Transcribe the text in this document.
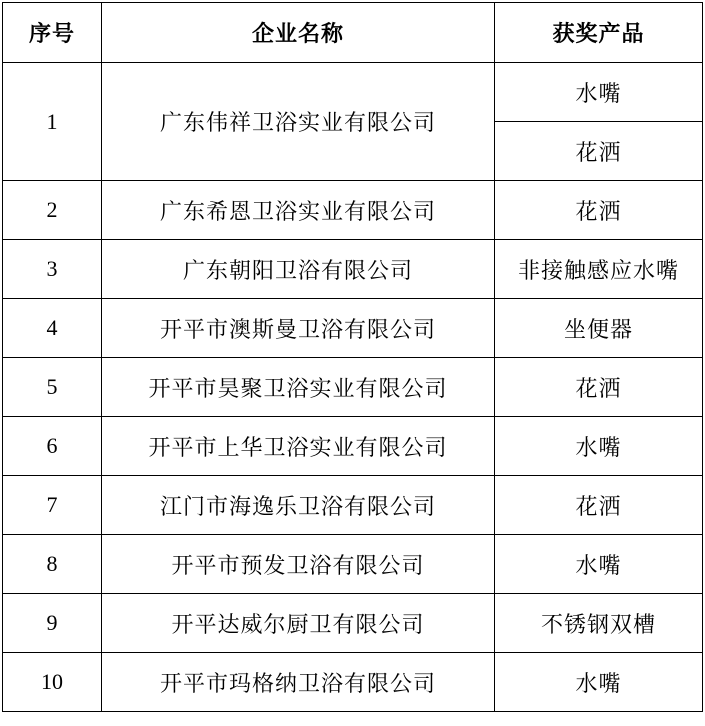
序号	企业名称	获奖产品
1	广东伟祥卫浴实业有限公司	水嘴
		花洒
2	广东希恩卫浴实业有限公司	花洒
3	广东朝阳卫浴有限公司	非接触感应水嘴
4	开平市澳斯曼卫浴有限公司	坐便器
5	开平市昊聚卫浴实业有限公司	花洒
6	开平市上华卫浴实业有限公司	水嘴
7	江门市海逸乐卫浴有限公司	花洒
8	开平市预发卫浴有限公司	水嘴
9	开平达威尔厨卫有限公司	不锈钢双槽
10	开平市玛格纳卫浴有限公司	水嘴
